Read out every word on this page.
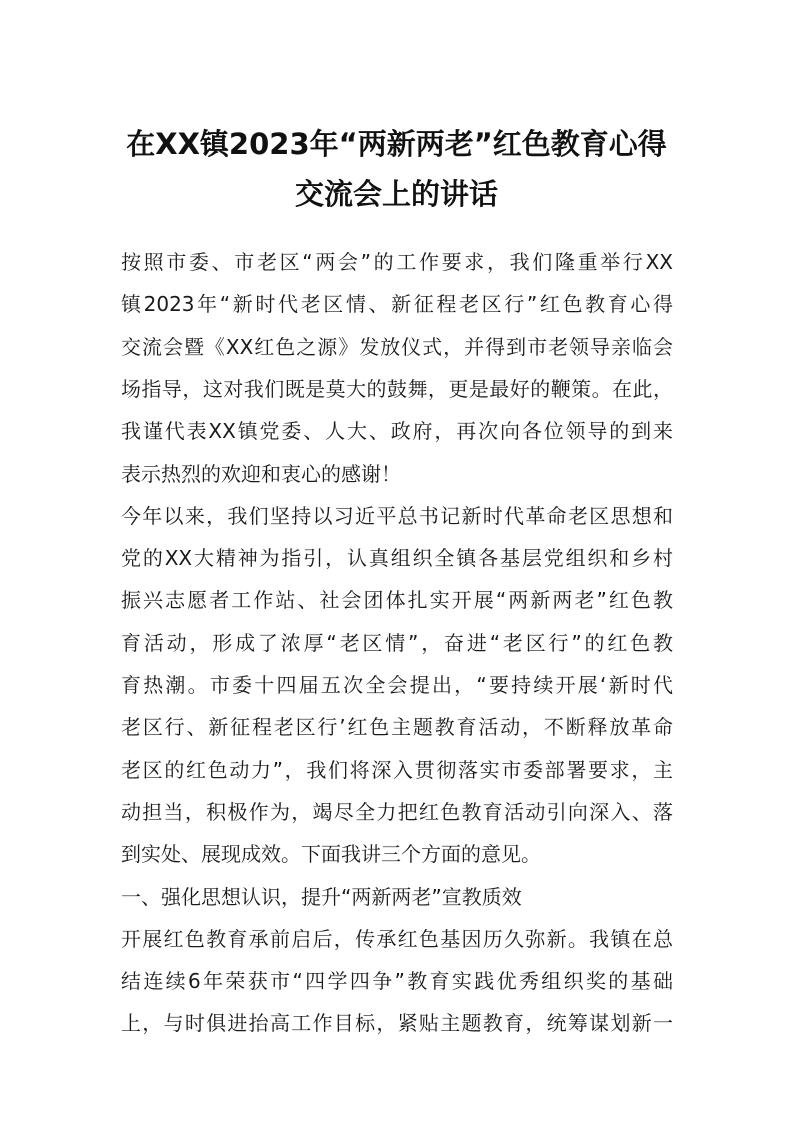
在XX镇2023年“两新两老”红色教育心得
交流会上的讲话
按照市委、市老区“两会”的工作要求，我们隆重举行XX
镇2023年“新时代老区情、新征程老区行”红色教育心得
交流会暨《XX红色之源》发放仪式，并得到市老领导亲临会
场指导，这对我们既是莫大的鼓舞，更是最好的鞭策。在此，
我谨代表XX镇党委、人大、政府，再次向各位领导的到来
表示热烈的欢迎和衷心的感谢！
今年以来，我们坚持以习近平总书记新时代革命老区思想和
党的XX大精神为指引，认真组织全镇各基层党组织和乡村
振兴志愿者工作站、社会团体扎实开展“两新两老”红色教
育活动，形成了浓厚“老区情”，奋进“老区行”的红色教
育热潮。市委十四届五次全会提出，“要持续开展‘新时代
老区行、新征程老区行’红色主题教育活动，不断释放革命
老区的红色动力”，我们将深入贯彻落实市委部署要求，主
动担当，积极作为，竭尽全力把红色教育活动引向深入、落
到实处、展现成效。下面我讲三个方面的意见。
一、强化思想认识，提升“两新两老”宣教质效
开展红色教育承前启后，传承红色基因历久弥新。我镇在总
结连续6年荣获市“四学四争”教育实践优秀组织奖的基础
上，与时俱进抬高工作目标，紧贴主题教育，统筹谋划新一
